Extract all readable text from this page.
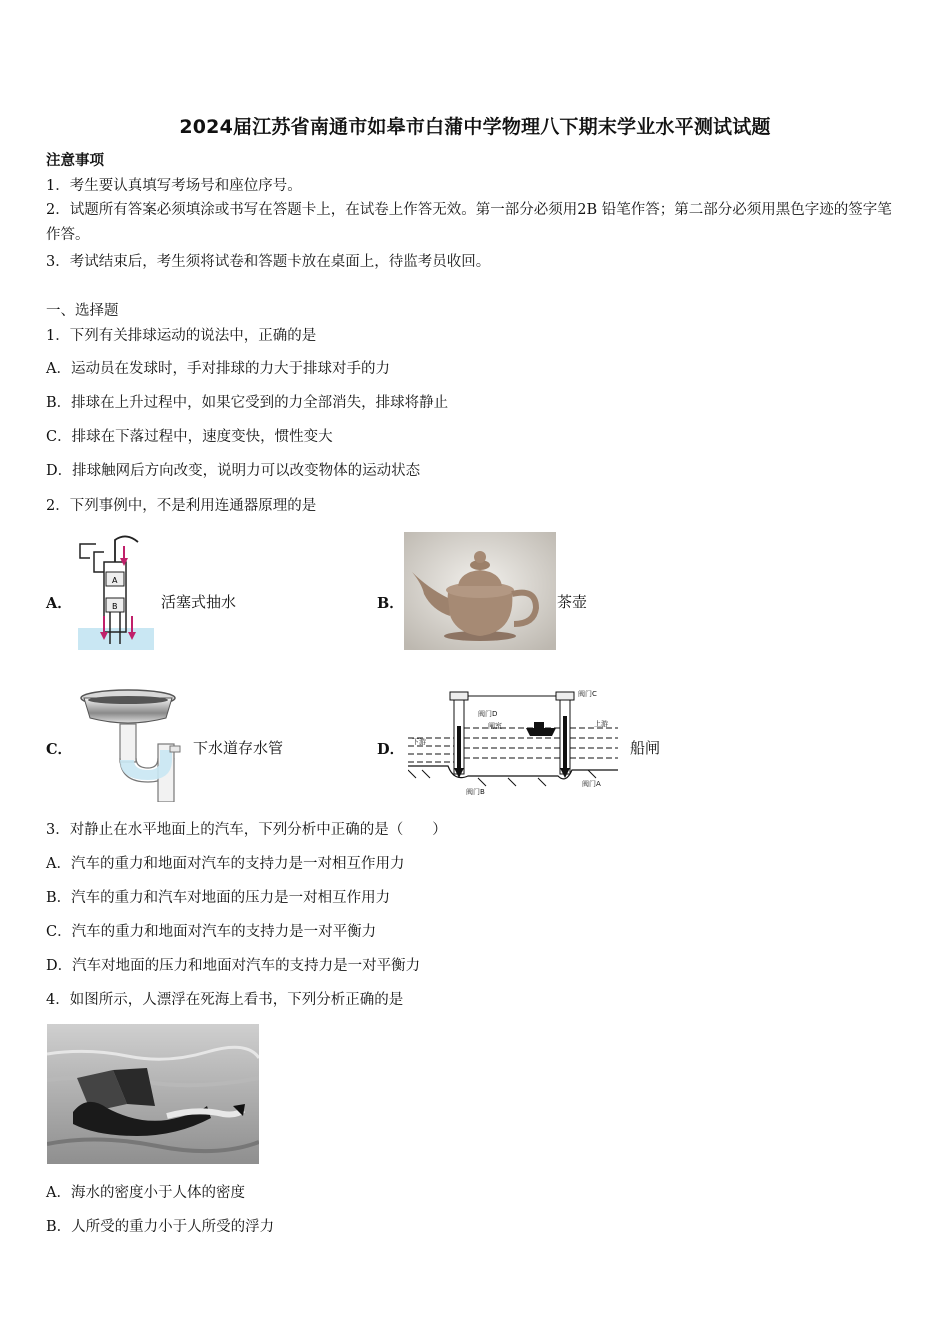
2024届江苏省南通市如皋市白蒲中学物理八下期末学业水平测试试题
注意事项
1．考生要认真填写考场号和座位序号。
2．试题所有答案必须填涂或书写在答题卡上，在试卷上作答无效。第一部分必须用2B 铅笔作答；第二部分必须用黑色字迹的签字笔作答。
3．考试结束后，考生须将试卷和答题卡放在桌面上，待监考员收回。
一、选择题
1．下列有关排球运动的说法中，正确的是
A．运动员在发球时，手对排球的力大于排球对手的力
B．排球在上升过程中，如果它受到的力全部消失，排球将静止
C．排球在下落过程中，速度变快，惯性变大
D．排球触网后方向改变，说明力可以改变物体的运动状态
2．下列事例中，不是利用连通器原理的是
A．
A
B	活塞式抽水	B．	茶壶
C．	下水道存水管	D．
阀门C
阀门D
闸室	上游
下游
阀门B
阀门A
船闸
3．对静止在水平地面上的汽车，下列分析中正确的是（　　）
A．汽车的重力和地面对汽车的支持力是一对相互作用力
B．汽车的重力和汽车对地面的压力是一对相互作用力
C．汽车的重力和地面对汽车的支持力是一对平衡力
D．汽车对地面的压力和地面对汽车的支持力是一对平衡力
4．如图所示，人漂浮在死海上看书，下列分析正确的是
A．海水的密度小于人体的密度
B．人所受的重力小于人所受的浮力
